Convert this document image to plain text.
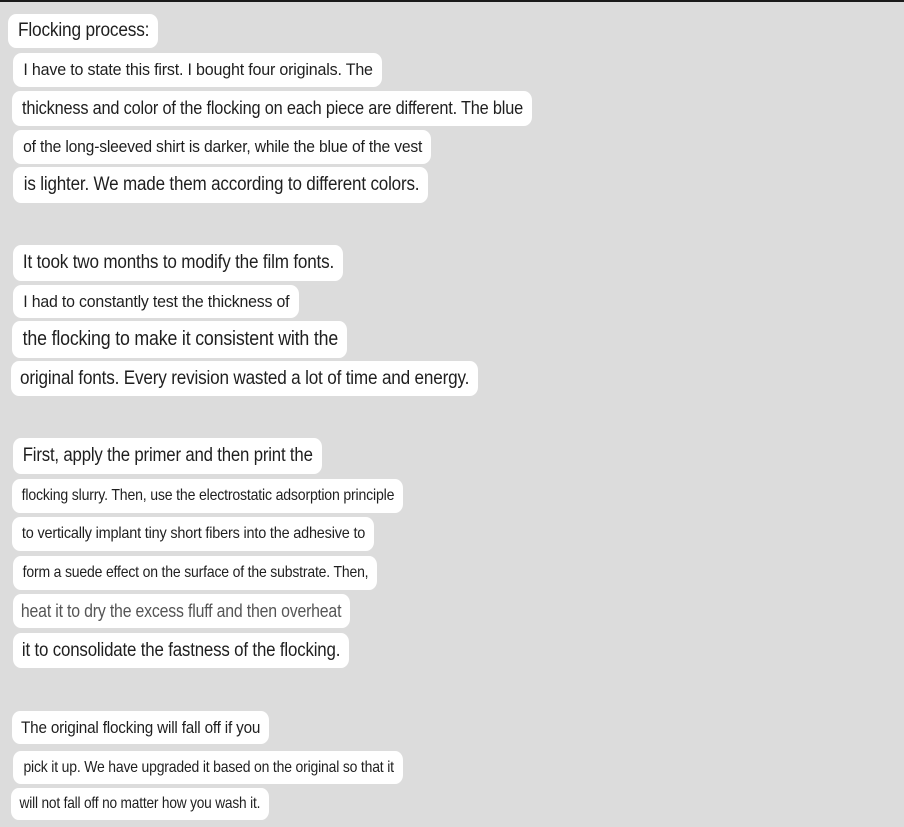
Flocking process:
I have to state this first. I bought four originals. The
thickness and color of the flocking on each piece are different. The blue
of the long-sleeved shirt is darker, while the blue of the vest
is lighter. We made them according to different colors.
It took two months to modify the film fonts.
I had to constantly test the thickness of
the flocking to make it consistent with the
original fonts. Every revision wasted a lot of time and energy.
First, apply the primer and then print the
flocking slurry. Then, use the electrostatic adsorption principle
to vertically implant tiny short fibers into the adhesive to
form a suede effect on the surface of the substrate. Then,
heat it to dry the excess fluff and then overheat
it to consolidate the fastness of the flocking.
The original flocking will fall off if you
pick it up. We have upgraded it based on the original so that it
will not fall off no matter how you wash it.
